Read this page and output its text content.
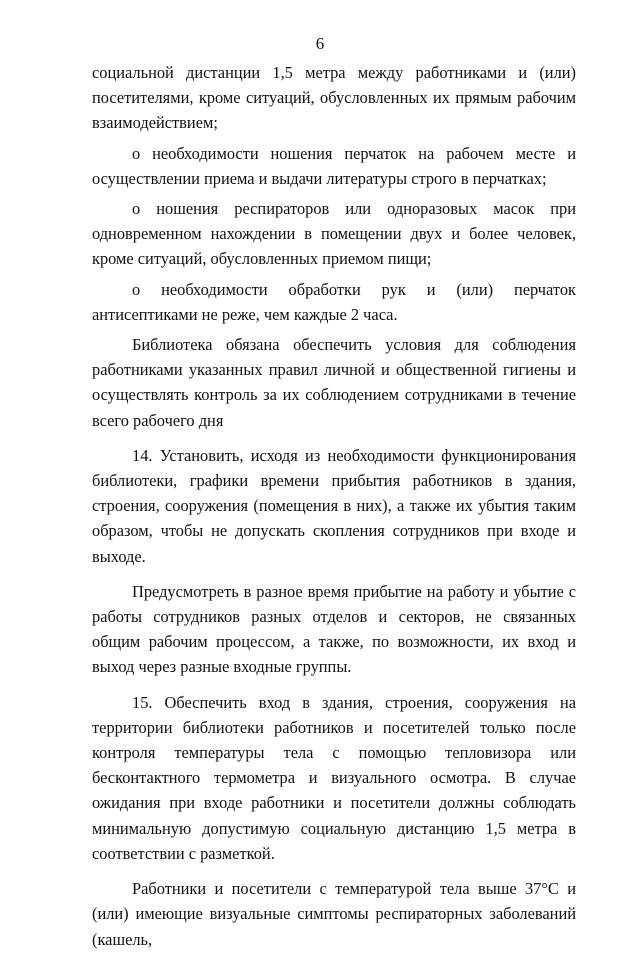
6

социальной дистанции 1,5 метра между работниками и (или) посетителями, кроме ситуаций, обусловленных их прямым рабочим взаимодействием;

о необходимости ношения перчаток на рабочем месте и осуществлении приема и выдачи литературы строго в перчатках;

о ношения респираторов или одноразовых масок при одновременном нахождении в помещении двух и более человек, кроме ситуаций, обусловленных приемом пищи;

о необходимости обработки рук и (или) перчаток антисептиками не реже, чем каждые 2 часа.

Библиотека обязана обеспечить условия для соблюдения работниками указанных правил личной и общественной гигиены и осуществлять контроль за их соблюдением сотрудниками в течение всего рабочего дня

14. Установить, исходя из необходимости функционирования библиотеки, графики времени прибытия работников в здания, строения, сооружения (помещения в них), а также их убытия таким образом, чтобы не допускать скопления сотрудников при входе и выходе.

Предусмотреть в разное время прибытие на работу и убытие с работы сотрудников разных отделов и секторов, не связанных общим рабочим процессом, а также, по возможности, их вход и выход через разные входные группы.

15. Обеспечить вход в здания, строения, сооружения на территории библиотеки работников и посетителей только после контроля температуры тела с помощью тепловизора или бесконтактного термометра и визуального осмотра. В случае ожидания при входе работники и посетители должны соблюдать минимальную допустимую социальную дистанцию 1,5 метра в соответствии с разметкой.

Работники и посетители с температурой тела выше 37°С и (или) имеющие визуальные симптомы респираторных заболеваний (кашель,
